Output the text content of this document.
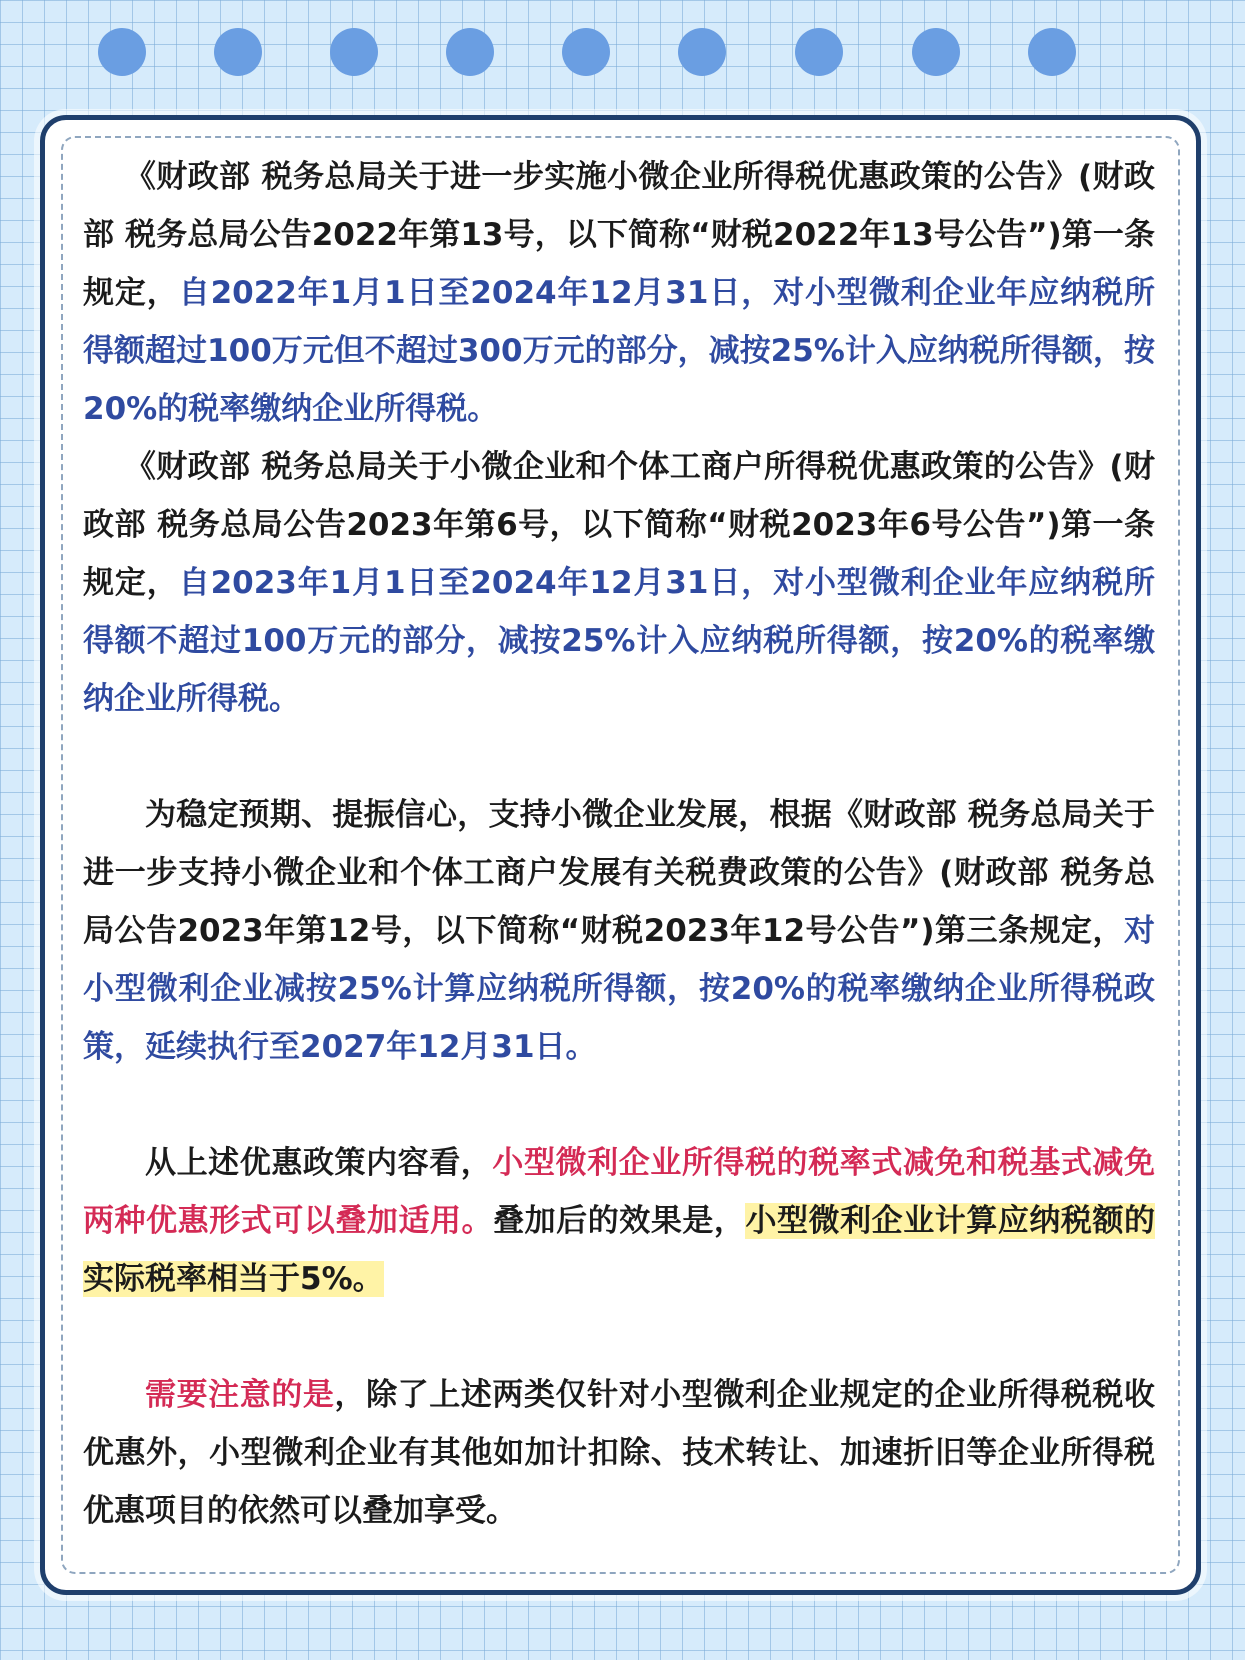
《财政部 税务总局关于进一步实施小微企业所得税优惠政策的公告》(财政部 税务总局公告2022年第13号，以下简称“财税2022年13号公告”)第一条规定，自2022年1月1日至2024年12月31日，对小型微利企业年应纳税所得额超过100万元但不超过300万元的部分，减按25%计入应纳税所得额，按20%的税率缴纳企业所得税。

《财政部 税务总局关于小微企业和个体工商户所得税优惠政策的公告》(财政部 税务总局公告2023年第6号，以下简称“财税2023年6号公告”)第一条规定，自2023年1月1日至2024年12月31日，对小型微利企业年应纳税所得额不超过100万元的部分，减按25%计入应纳税所得额，按20%的税率缴纳企业所得税。

为稳定预期、提振信心，支持小微企业发展，根据《财政部 税务总局关于进一步支持小微企业和个体工商户发展有关税费政策的公告》(财政部 税务总局公告2023年第12号，以下简称“财税2023年12号公告”)第三条规定，对小型微利企业减按25%计算应纳税所得额，按20%的税率缴纳企业所得税政策，延续执行至2027年12月31日。

从上述优惠政策内容看，小型微利企业所得税的税率式减免和税基式减免两种优惠形式可以叠加适用。叠加后的效果是，小型微利企业计算应纳税额的实际税率相当于5%。

需要注意的是，除了上述两类仅针对小型微利企业规定的企业所得税税收优惠外，小型微利企业有其他如加计扣除、技术转让、加速折旧等企业所得税优惠项目的依然可以叠加享受。
